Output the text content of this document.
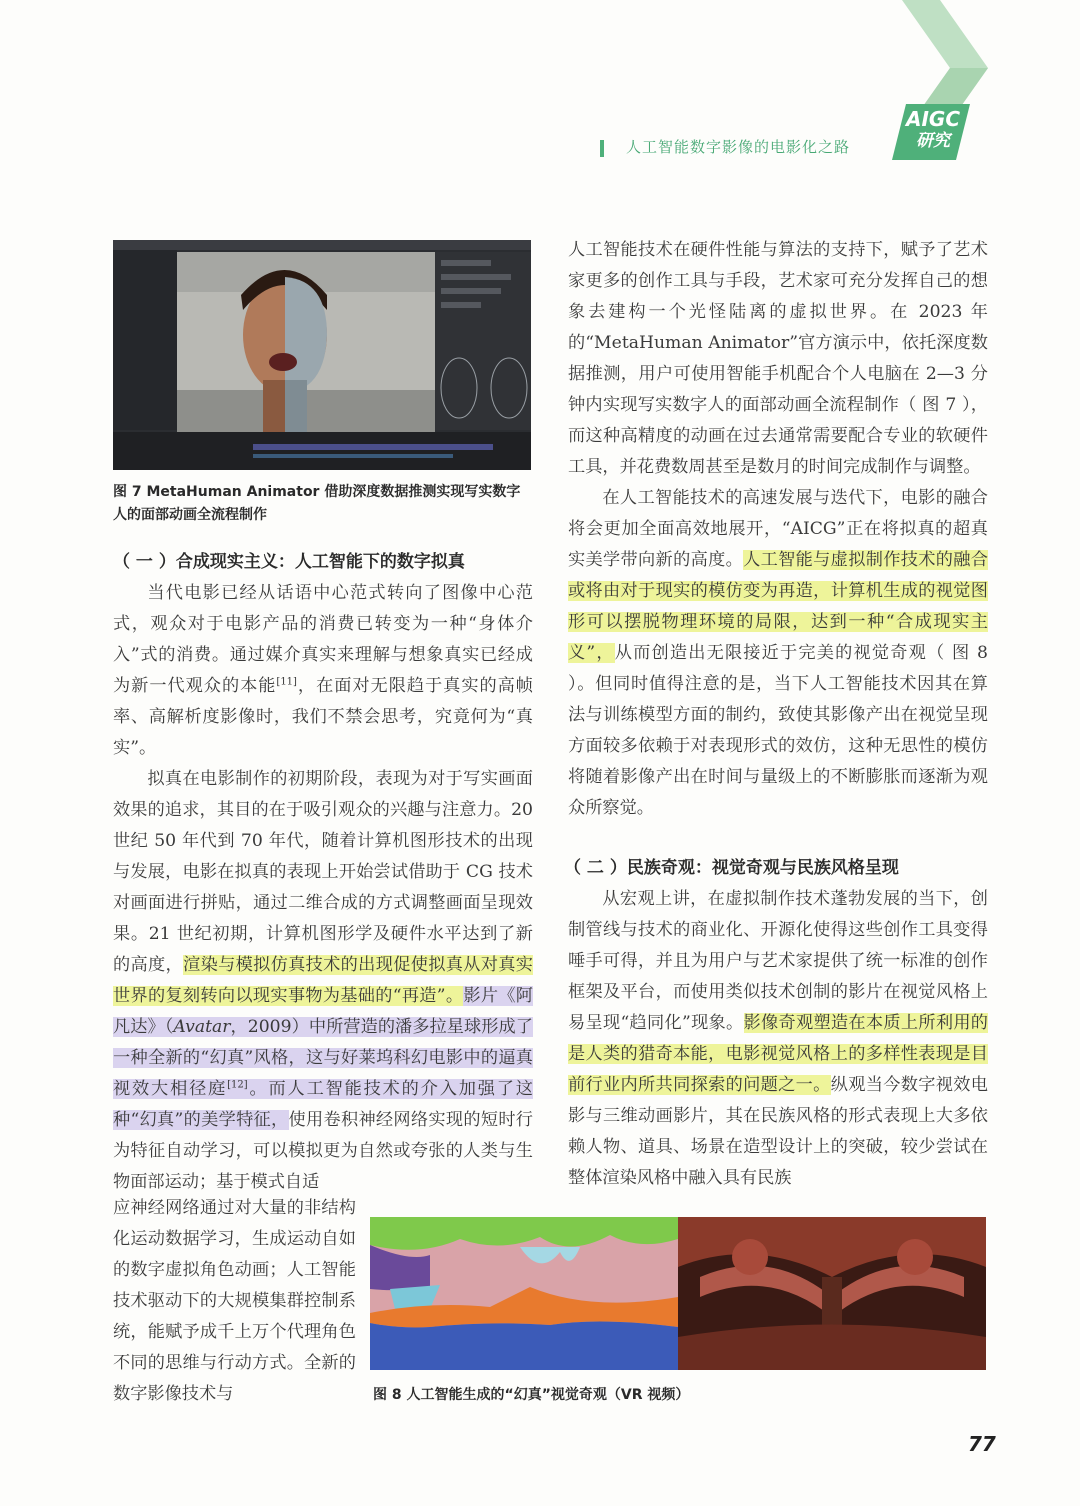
AIGC
研究
人工智能数字影像的电影化之路
图 7 MetaHuman Animator 借助深度数据推测实现写实数字人的面部动画全流程制作
（ 一 ）合成现实主义：人工智能下的数字拟真

当代电影已经从话语中心范式转向了图像中心范式，观众对于电影产品的消费已转变为一种“身体介入”式的消费。通过媒介真实来理解与想象真实已经成为新一代观众的本能[11]，在面对无限趋于真实的高帧率、高解析度影像时，我们不禁会思考，究竟何为“真实”。

拟真在电影制作的初期阶段，表现为对于写实画面效果的追求，其目的在于吸引观众的兴趣与注意力。20 世纪 50 年代到 70 年代，随着计算机图形技术的出现与发展，电影在拟真的表现上开始尝试借助于 CG 技术对画面进行拼贴，通过二维合成的方式调整画面呈现效果。21 世纪初期，计算机图形学及硬件水平达到了新的高度，渲染与模拟仿真技术的出现促使拟真从对真实世界的复刻转向以现实事物为基础的“再造”。影片《阿凡达》（Avatar，2009）中所营造的潘多拉星球形成了一种全新的“幻真”风格，这与好莱坞科幻电影中的逼真视效大相径庭[12]。而人工智能技术的介入加强了这种“幻真”的美学特征，使用卷积神经网络实现的短时行为特征自动学习，可以模拟更为自然或夸张的人类与生物面部运动；基于模式自适

应神经网络通过对大量的非结构化运动数据学习，生成运动自如的数字虚拟角色动画；人工智能技术驱动下的大规模集群控制系统，能赋予成千上万个代理角色不同的思维与行动方式。全新的数字影像技术与

人工智能技术在硬件性能与算法的支持下，赋予了艺术家更多的创作工具与手段，艺术家可充分发挥自己的想象去建构一个光怪陆离的虚拟世界。在 2023 年的“MetaHuman Animator”官方演示中，依托深度数据推测，用户可使用智能手机配合个人电脑在 2—3 分钟内实现写实数字人的面部动画全流程制作（ 图 7 ），而这种高精度的动画在过去通常需要配合专业的软硬件工具，并花费数周甚至是数月的时间完成制作与调整。

在人工智能技术的高速发展与迭代下，电影的融合将会更加全面高效地展开，“AICG”正在将拟真的超真实美学带向新的高度。人工智能与虚拟制作技术的融合或将由对于现实的模仿变为再造，计算机生成的视觉图形可以摆脱物理环境的局限，达到一种“合成现实主义”，从而创造出无限接近于完美的视觉奇观（ 图 8 ）。但同时值得注意的是，当下人工智能技术因其在算法与训练模型方面的制约，致使其影像产出在视觉呈现方面较多依赖于对表现形式的效仿，这种无思性的模仿将随着影像产出在时间与量级上的不断膨胀而逐渐为观众所察觉。

（ 二 ）民族奇观：视觉奇观与民族风格呈现

从宏观上讲，在虚拟制作技术蓬勃发展的当下，创制管线与技术的商业化、开源化使得这些创作工具变得唾手可得，并且为用户与艺术家提供了统一标准的创作框架及平台，而使用类似技术创制的影片在视觉风格上易呈现“趋同化”现象。影像奇观塑造在本质上所利用的是人类的猎奇本能，电影视觉风格上的多样性表现是目前行业内所共同探索的问题之一。纵观当今数字视效电影与三维动画影片，其在民族风格的形式表现上大多依赖人物、道具、场景在造型设计上的突破，较少尝试在整体渲染风格中融入具有民族

图 8 人工智能生成的“幻真”视觉奇观（VR 视频）
77
